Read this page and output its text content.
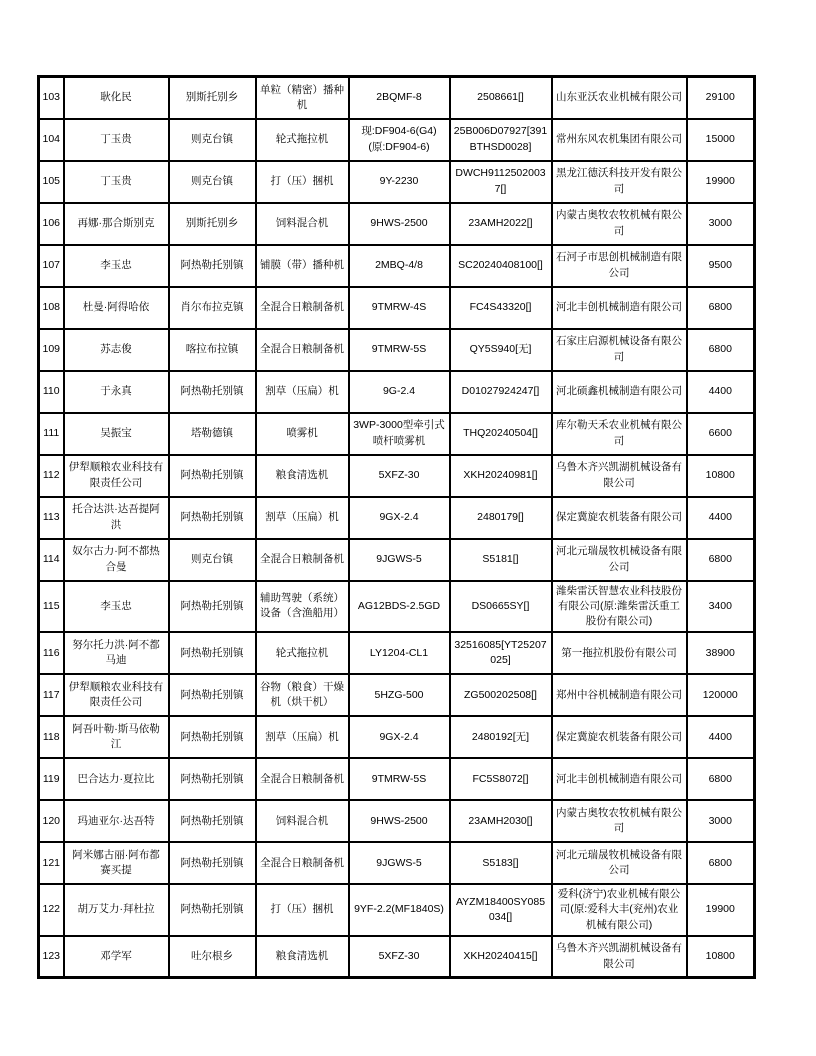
103	耿化民	别斯托别乡	单粒（精密）播种机	2BQMF-8	2508661[]	山东亚沃农业机械有限公司	29100
104	丁玉贵	则克台镇	轮式拖拉机	现:DF904-6(G4) (原:DF904-6)	25B006D07927[391BTHSD0028]	常州东风农机集团有限公司	15000
105	丁玉贵	则克台镇	打（压）捆机	9Y-2230	DWCH91125020037[]	黑龙江德沃科技开发有限公司	19900
106	再娜·那合斯别克	别斯托别乡	饲料混合机	9HWS-2500	23AMH2022[]	内蒙古奥牧农牧机械有限公司	3000
107	李玉忠	阿热勒托别镇	铺膜（带）播种机	2MBQ-4/8	SC20240408100[]	石河子市思创机械制造有限公司	9500
108	杜曼·阿得哈依	肖尔布拉克镇	全混合日粮制备机	9TMRW-4S	FC4S43320[]	河北丰创机械制造有限公司	6800
109	苏志俊	喀拉布拉镇	全混合日粮制备机	9TMRW-5S	QY5S940[无]	石家庄启源机械设备有限公司	6800
110	于永真	阿热勒托别镇	割草（压扁）机	9G-2.4	D01027924247[]	河北硕鑫机械制造有限公司	4400
111	吴振宝	塔勒德镇	喷雾机	3WP-3000型牵引式喷杆喷雾机	THQ20240504[]	库尔勒天禾农业机械有限公司	6600
112	伊犁顺粮农业科技有限责任公司	阿热勒托别镇	粮食清选机	5XFZ-30	XKH20240981[]	乌鲁木齐兴凯湖机械设备有限公司	10800
113	托合达洪·达吾提阿洪	阿热勒托别镇	割草（压扁）机	9GX-2.4	2480179[]	保定冀旋农机装备有限公司	4400
114	奴尔古力·阿不都热合曼	则克台镇	全混合日粮制备机	9JGWS-5	S5181[]	河北元瑞晟牧机械设备有限公司	6800
115	李玉忠	阿热勒托别镇	辅助驾驶（系统）设备（含渔船用）	AG12BDS-2.5GD	DS0665SY[]	潍柴雷沃智慧农业科技股份有限公司(原:潍柴雷沃重工股份有限公司)	3400
116	努尔托力洪·阿不都马迪	阿热勒托别镇	轮式拖拉机	LY1204-CL1	32516085[YT25207025]	第一拖拉机股份有限公司	38900
117	伊犁顺粮农业科技有限责任公司	阿热勒托别镇	谷物（粮食）干燥机（烘干机）	5HZG-500	ZG500202508[]	郑州中谷机械制造有限公司	120000
118	阿吾叶勒·斯马依勒江	阿热勒托别镇	割草（压扁）机	9GX-2.4	2480192[无]	保定冀旋农机装备有限公司	4400
119	巴合达力·夏拉比	阿热勒托别镇	全混合日粮制备机	9TMRW-5S	FC5S8072[]	河北丰创机械制造有限公司	6800
120	玛迪亚尔·达吾特	阿热勒托别镇	饲料混合机	9HWS-2500	23AMH2030[]	内蒙古奥牧农牧机械有限公司	3000
121	阿米娜古丽·阿布都赛买提	阿热勒托别镇	全混合日粮制备机	9JGWS-5	S5183[]	河北元瑞晟牧机械设备有限公司	6800
122	胡万艾力·拜杜拉	阿热勒托别镇	打（压）捆机	9YF-2.2(MF1840S)	AYZM18400SY085034[]	爱科(济宁)农业机械有限公司(原:爱科大丰(兖州)农业机械有限公司)	19900
123	邓学军	吐尔根乡	粮食清选机	5XFZ-30	XKH20240415[]	乌鲁木齐兴凯湖机械设备有限公司	10800
